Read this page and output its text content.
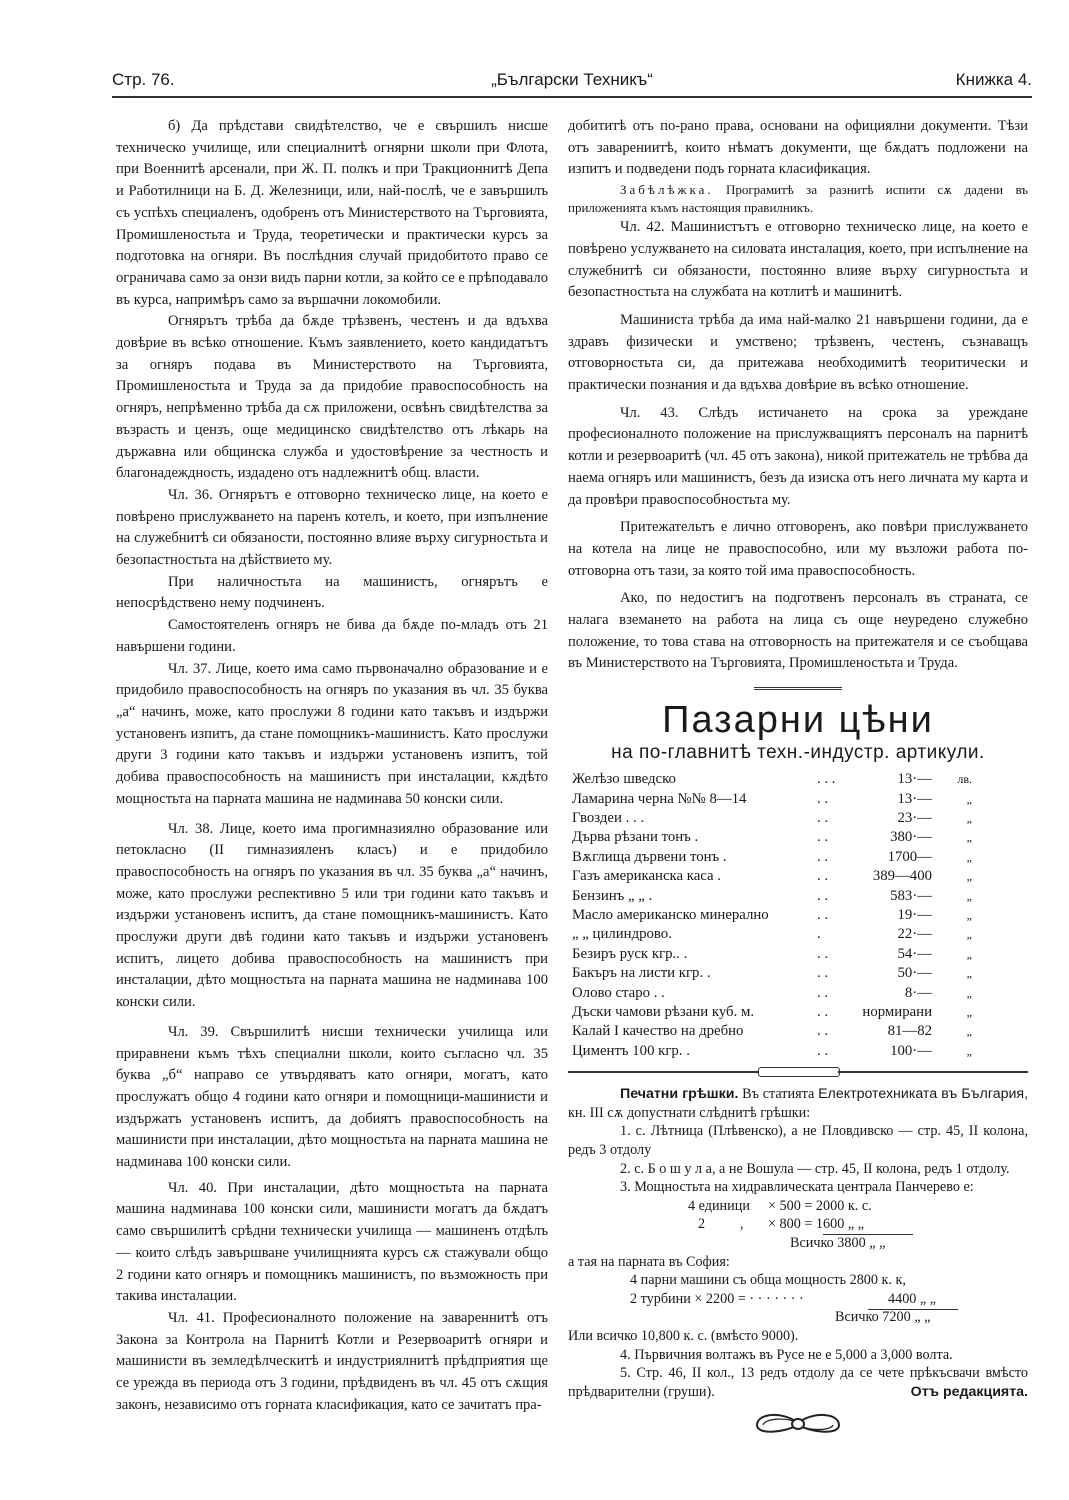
Стр. 76.	„Български Техникъ“	Книжка 4.

б) Да прѣдстави свидѣтелство, че е свършилъ нисше техническо училище, или специалнитѣ огнярни школи при Флота, при Военнитѣ арсенали, при Ж. П. полкъ и при Тракционнитѣ Депа и Работилници на Б. Д. Железници, или, най-послѣ, че е завършилъ съ успѣхъ специаленъ, одобренъ отъ Министерството на Търговията, Промишленостьта и Труда, теоретически и практически курсъ за подготовка на огняри. Въ послѣдния случай придобитото право се ограничава само за онзи видъ парни котли, за който се е прѣподавало въ курса, напримѣръ само за вършачни локомобили.

Огнярътъ трѣба да бѫде трѣзвенъ, честенъ и да вдъхва довѣрие въ всѣко отношение. Къмъ заявлението, което кандидатътъ за огняръ подава въ Министерството на Търговията, Промишленостьта и Труда за да придобие правоспособность на огняръ, непрѣменно трѣба да сѫ приложени, освѣнъ свидѣтелства за възрасть и цензъ, още медицинско свидѣтелство отъ лѣкарь на държавна или общинска служба и удостовѣрение за честность и благонадеждность, издадено отъ надлежнитѣ общ. власти.

Чл. 36. Огнярътъ е отговорно техническо лице, на което е повѣрено прислужването на паренъ котелъ, и което, при изпълнение на служебнитѣ си обязаности, постоянно влияе върху сигурностьта и безопастностьта на дѣйствието му.

При наличностьта на машинистъ, огнярътъ е непосрѣдствено нему подчиненъ.

Самостоятеленъ огняръ не бива да бѫде по-младъ отъ 21 навършени години.

Чл. 37. Лице, което има само първоначално образование и е придобило правоспособность на огняръ по указания въ чл. 35 буква „а“ начинъ, може, като прослужи 8 години като такъвъ и издържи установенъ изпитъ, да стане помощникъ-машинистъ. Като прослужи други 3 години като такъвъ и издържи установенъ изпитъ, той добива правоспособность на машинистъ при инсталации, кѫдѣто мощностьта на парната машина не надминава 50 конски сили.

Чл. 38. Лице, което има прогимназиялно образование или петокласно (II гимназияленъ класъ) и е придобило правоспособность на огняръ по указания въ чл. 35 буква „а“ начинъ, може, като прослужи респективно 5 или три години като такъвъ и издържи установенъ испитъ, да стане помощникъ-машинистъ. Като прослужи други двѣ години като такъвъ и издържи установенъ испитъ, лицето добива правоспособность на машинистъ при инсталации, дѣто мощностьта на парната машина не надминава 100 конски сили.

Чл. 39. Свършилитѣ нисши технически училища или приравнени къмъ тѣхъ специални школи, които съгласно чл. 35 буква „б“ направо се утвърдяватъ като огняри, могатъ, като прослужатъ общо 4 години като огняри и помощници-машинисти и издържатъ установенъ испитъ, да добиятъ правоспособность на машинисти при инсталации, дѣто мощностьта на парната машина не надминава 100 конски сили.

Чл. 40. При инсталации, дѣто мощностьта на парната машина надминава 100 конски сили, машинисти могатъ да бѫдатъ само свършилитѣ срѣдни технически училища — машиненъ отдѣлъ — които слѣдъ завършване училищнията курсъ сѫ стажували общо 2 години като огняръ и помощникъ машинистъ, по възможность при такива инсталации.

Чл. 41. Професионалното положение на завареннитѣ отъ Закона за Контрола на Парнитѣ Котли и Резервоаритѣ огняри и машинисти въ земледѣлческитѣ и индустриялнитѣ прѣдприятия ще се урежда въ периода отъ 3 години, прѣдвиденъ въ чл. 45 отъ сѫщия законъ, независимо отъ горната класификация, като се зачитатъ пра-

добититѣ отъ по-рано права, основани на официялни документи. Тѣзи отъ заварениитѣ, които нѣматъ документи, ще бѫдатъ подложени на изпитъ и подведени подъ горната класификация.

Забѣлѣжка. Програмитѣ за разнитѣ испити сѫ дадени въ приложенията къмъ настоящия правилникъ.

Чл. 42. Машинистътъ е отговорно техническо лице, на което е повѣрено услужването на силовата инсталация, което, при испълнение на служебнитѣ си обязаности, постоянно влияе върху сигурностьта и безопастностьта на службата на котлитѣ и машинитѣ.

Машиниста трѣба да има най-малко 21 навършени години, да е здравъ физически и умствено; трѣзвенъ, честенъ, съзнаващъ отговорностьта си, да притежава необходимитѣ теоритически и практически познания и да вдъхва довѣрие въ всѣко отношение.

Чл. 43. Слѣдъ истичането на срока за уреждане професионалното положение на прислужващиятъ персоналъ на парнитѣ котли и резервоаритѣ (чл. 45 отъ закона), никой притежатель не трѣбва да наема огняръ или машинистъ, безъ да изиска отъ него личната му карта и да провѣри правоспособностьта му.

Притежательтъ е лично отговоренъ, ако повѣри прислужването на котела на лице не правоспособно, или му възложи работа по-отговорна отъ тази, за която той има правоспособность.

Ако, по недостигъ на подготвенъ персоналъ въ страната, се налага вземането на работа на лица съ още неуредено служебно положение, то това става на отговорность на притежателя и се съобщава въ Министерството на Търговията, Промишленостьта и Труда.

Пазарни цѣни
на по-главнитѣ техн.-индустр. артикули.
Желѣзо шведско	. . .	13·—	лв.
Ламарина черна №№ 8—14	. .	13·—	„
Гвоздеи . . .	. .	23·—	„
Дърва рѣзани тонъ .	. .	380·—	„
Вѫглища дървени тонъ .	. .	1700—	„
Газъ американска каса .	. .	389—400	„
Бензинъ „ „ .	. .	583·—	„
Масло американско минерално	. .	19·—	„
„ „ цилиндрово.	.	22·—	„
Безиръ руск кгр.. .	. .	54·—	„
Бакъръ на листи кгр. .	. .	50·—	„
Олово старо . .	. .	8·—	„
Дъски чамови рѣзани куб. м.	. .	нормирани	„
Калай I качество на дребно	. .	81—82	„
Циментъ 100 кгр. .	. .	100·—	„

Печатни грѣшки. Въ статията Електротехниката въ България, кн. III сѫ допустнати слѣднитѣ грѣшки:

1. с. Лѣтница (Плѣвенско), а не Пловдивско — стр. 45, II колона, редъ 3 отдолу

2. с. Б о ш у л а, а не Вошула — стр. 45, II колона, редъ 1 отдолу.

3. Мощностьта на хидравлическата централа Панчерево е:

4 единици × 500 = 2000 к. с.
2 , × 800 = 1600 „ „
Всичко 3800 „ „

а тая на парната въ София:

4 парни машини съ обща мощность 2800 к. к,
2 турбини × 2200 = · · · · · · ·	4400 „ „
Всичко 7200 „ „

Или всичко 10,800 к. с. (вмѣсто 9000).

4. Първичния волтажъ въ Русе не е 5,000 а 3,000 волта.

5. Стр. 46, II кол., 13 редъ отдолу да се чете прѣкъсвачи вмѣсто прѣдварителни (груши).	Отъ редакцията.
